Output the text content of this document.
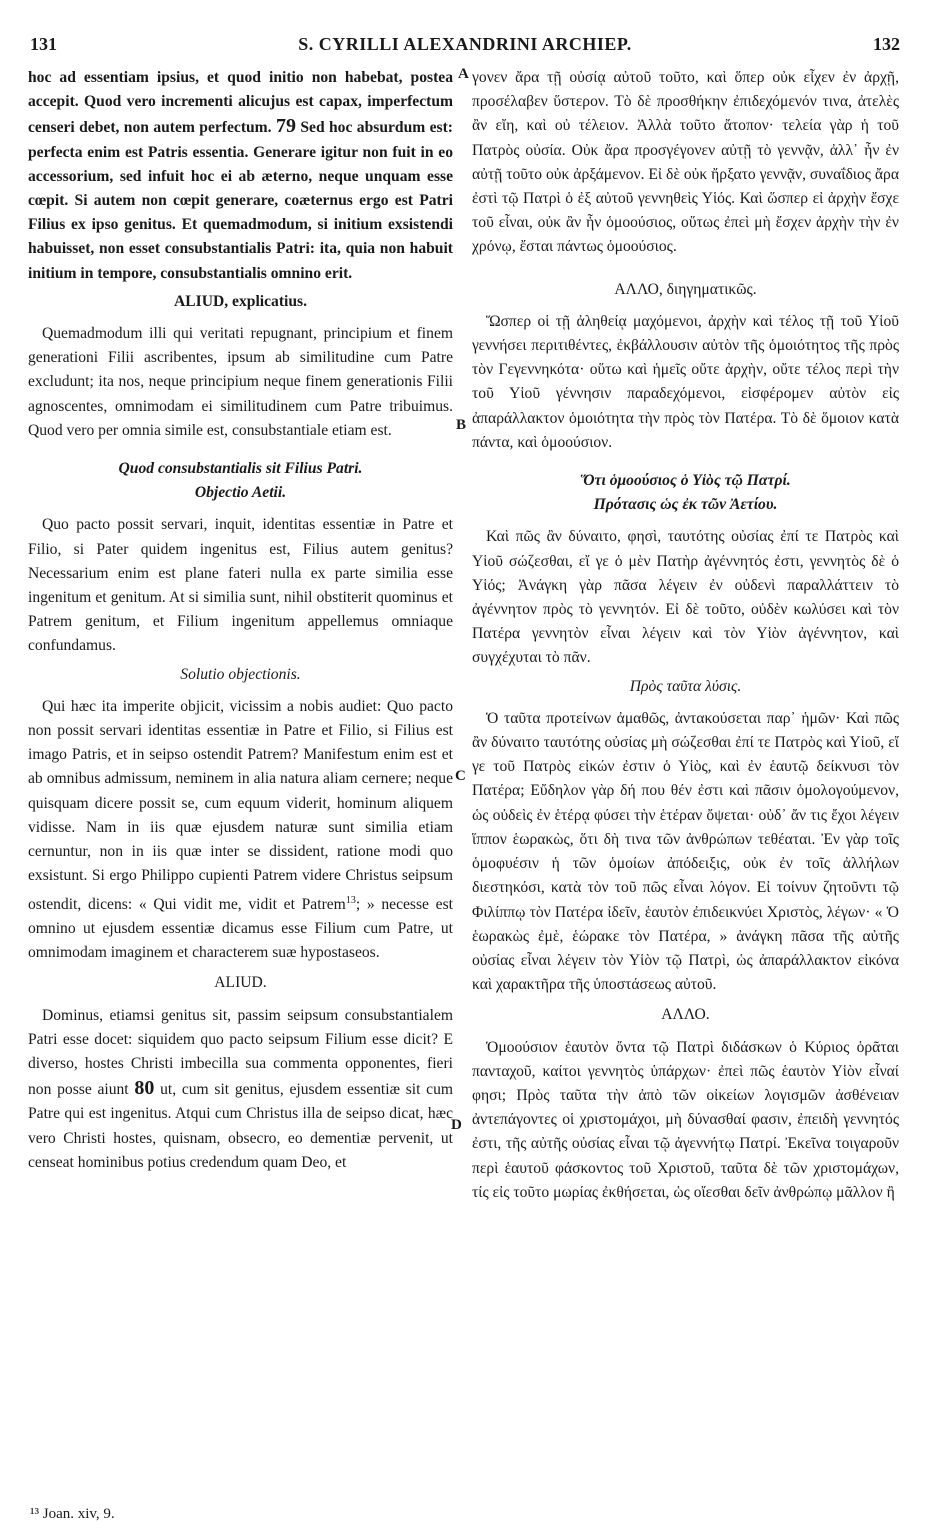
131	S. CYRILLI ALEXANDRINI ARCHIEP.	132
A
B
C
D

hoc ad essentiam ipsius, et quod initio non habebat, postea accepit. Quod vero incrementi alicujus est capax, imperfectum censeri debet, non autem perfectum. 79 Sed hoc absurdum est: perfecta enim est Patris essentia. Generare igitur non fuit in eo accessorium, sed infuit hoc ei ab æterno, neque unquam esse cœpit. Si autem non cœpit generare, coæternus ergo est Patri Filius ex ipso genitus. Et quemadmodum, si initium exsistendi habuisset, non esset consubstantialis Patri: ita, quia non habuit initium in tempore, consubstantialis omnino erit.

ALIUD, explicatius.

Quemadmodum illi qui veritati repugnant, principium et finem generationi Filii ascribentes, ipsum ab similitudine cum Patre excludunt; ita nos, neque principium neque finem generationis Filii agnoscentes, omnimodam ei similitudinem cum Patre tribuimus. Quod vero per omnia simile est, consubstantiale etiam est.

Quod consubstantialis sit Filius Patri.

Objectio Aetii.

Quo pacto possit servari, inquit, identitas essentiæ in Patre et Filio, si Pater quidem ingenitus est, Filius autem genitus? Necessarium enim est plane fateri nulla ex parte similia esse ingenitum et genitum. At si similia sunt, nihil obstiterit quominus et Patrem genitum, et Filium ingenitum appellemus omniaque confundamus.

Solutio objectionis.

Qui hæc ita imperite objicit, vicissim a nobis audiet: Quo pacto non possit servari identitas essentiæ in Patre et Filio, si Filius est imago Patris, et in seipso ostendit Patrem? Manifestum enim est et ab omnibus admissum, neminem in alia natura aliam cernere; neque quisquam dicere possit se, cum equum viderit, hominum aliquem vidisse. Nam in iis quæ ejusdem naturæ sunt similia etiam cernuntur, non in iis quæ inter se dissident, ratione modi quo exsistunt. Si ergo Philippo cupienti Patrem videre Christus seipsum ostendit, dicens: « Qui vidit me, vidit et Patrem$^{13}$; » necesse est omnino ut ejusdem essentiæ dicamus esse Filium cum Patre, ut omnimodam imaginem et characterem suæ hypostaseos.

ALIUD.

Dominus, etiamsi genitus sit, passim seipsum consubstantialem Patri esse docet: siquidem quo pacto seipsum Filium esse dicit? E diverso, hostes Christi imbecilla sua commenta opponentes, fieri non posse aiunt 80 ut, cum sit genitus, ejusdem essentiæ sit cum Patre qui est ingenitus. Atqui cum Christus illa de seipso dicat, hæc vero Christi hostes, quisnam, obsecro, eo dementiæ pervenit, ut censeat hominibus potius credendum quam Deo, et

γονεν ἄρα τῇ οὐσίᾳ αὐτοῦ τοῦτο, καὶ ὅπερ οὐκ εἶχεν ἐν ἀρχῇ, προσέλαβεν ὕστερον. Τὸ δὲ προσθήκην ἐπιδεχόμενόν τινα, ἀτελὲς ἂν εἴη, καὶ οὐ τέλειον. Ἀλλὰ τοῦτο ἄτοπον· τελεία γὰρ ἡ τοῦ Πατρὸς οὐσία. Οὐκ ἄρα προσγέγονεν αὐτῇ τὸ γεννᾷν, ἀλλ᾽ ἦν ἐν αὐτῇ τοῦτο οὐκ ἀρξάμενον. Εἰ δὲ οὐκ ἤρξατο γεννᾷν, συναΐδιος ἄρα ἐστὶ τῷ Πατρὶ ὁ ἐξ αὐτοῦ γεννηθεὶς Υἱός. Καὶ ὥσπερ εἰ ἀρχὴν ἔσχε τοῦ εἶναι, οὐκ ἂν ἦν ὁμοούσιος, οὕτως ἐπεὶ μὴ ἔσχεν ἀρχὴν τὴν ἐν χρόνῳ, ἔσται πάντως ὁμοούσιος.

ΑΛΛΟ, διηγηματικῶς.

Ὥσπερ οἱ τῇ ἀληθείᾳ μαχόμενοι, ἀρχὴν καὶ τέλος τῇ τοῦ Υἱοῦ γεννήσει περιτιθέντες, ἐκβάλλουσιν αὐτὸν τῆς ὁμοιότητος τῆς πρὸς τὸν Γεγεννηκότα· οὕτω καὶ ἡμεῖς οὔτε ἀρχὴν, οὔτε τέλος περὶ τὴν τοῦ Υἱοῦ γέννησιν παραδεχόμενοι, εἰσφέρομεν αὐτὸν εἰς ἀπαράλλακτον ὁμοιότητα τὴν πρὸς τὸν Πατέρα. Τὸ δὲ ὅμοιον κατὰ πάντα, καὶ ὁμοούσιον.

Ὅτι ὁμοούσιος ὁ Υἱὸς τῷ Πατρί.

Πρότασις ὡς ἐκ τῶν Ἀετίου.

Καὶ πῶς ἂν δύναιτο, φησὶ, ταυτότης οὐσίας ἐπί τε Πατρὸς καὶ Υἱοῦ σώζεσθαι, εἴ γε ὁ μὲν Πατὴρ ἀγέννητός ἐστι, γεννητὸς δὲ ὁ Υἱός; Ἀνάγκη γὰρ πᾶσα λέγειν ἐν οὐδενὶ παραλλάττειν τὸ ἀγέννητον πρὸς τὸ γεννητόν. Εἰ δὲ τοῦτο, οὐδὲν κωλύσει καὶ τὸν Πατέρα γεννητὸν εἶναι λέγειν καὶ τὸν Υἱὸν ἀγέννητον, καὶ συγχέχυται τὸ πᾶν.

Πρὸς ταῦτα λύσις.

Ὁ ταῦτα προτείνων ἀμαθῶς, ἀντακούσεται παρ᾽ ἡμῶν· Καὶ πῶς ἂν δύναιτο ταυτότης οὐσίας μὴ σώζεσθαι ἐπί τε Πατρὸς καὶ Υἱοῦ, εἴ γε τοῦ Πατρὸς εἰκών ἐστιν ὁ Υἱὸς, καὶ ἐν ἑαυτῷ δείκνυσι τὸν Πατέρα; Εὔδηλον γὰρ δή που θέν ἐστι καὶ πᾶσιν ὁμολογούμενον, ὡς οὐδεὶς ἐν ἑτέρᾳ φύσει τὴν ἑτέραν ὄψεται· οὐδ᾽ ἄν τις ἔχοι λέγειν ἵππον ἑωρακὼς, ὅτι δὴ τινα τῶν ἀνθρώπων τεθέαται. Ἐν γὰρ τοῖς ὁμοφυέσιν ἡ τῶν ὁμοίων ἀπόδειξις, οὐκ ἐν τοῖς ἀλλήλων διεστηκόσι, κατὰ τὸν τοῦ πῶς εἶναι λόγον. Εἰ τοίνυν ζητοῦντι τῷ Φιλίππῳ τὸν Πατέρα ἰδεῖν, ἑαυτὸν ἐπιδεικνύει Χριστὸς, λέγων· « Ὁ ἑωρακὼς ἐμὲ, ἑώρακε τὸν Πατέρα, » ἀνάγκη πᾶσα τῆς αὐτῆς οὐσίας εἶναι λέγειν τὸν Υἱὸν τῷ Πατρὶ, ὡς ἀπαράλλακτον εἰκόνα καὶ χαρακτῆρα τῆς ὑποστάσεως αὐτοῦ.

ΑΛΛΟ.

Ὁμοούσιον ἑαυτὸν ὄντα τῷ Πατρὶ διδάσκων ὁ Κύριος ὁρᾶται πανταχοῦ, καίτοι γεννητὸς ὑπάρχων· ἐπεὶ πῶς ἑαυτὸν Υἱὸν εἶναί φησι; Πρὸς ταῦτα τὴν ἀπὸ τῶν οἰκείων λογισμῶν ἀσθένειαν ἀντεπάγοντες οἱ χριστομάχοι, μὴ δύνασθαί φασιν, ἐπειδὴ γεννητός ἐστι, τῆς αὐτῆς οὐσίας εἶναι τῷ ἀγεννήτῳ Πατρί. Ἐκεῖνα τοιγαροῦν περὶ ἑαυτοῦ φάσκοντος τοῦ Χριστοῦ, ταῦτα δὲ τῶν χριστομάχων, τίς εἰς τοῦτο μωρίας ἐκθήσεται, ὡς οἴεσθαι δεῖν ἀνθρώπῳ μᾶλλον ἢ

¹³ Joan. xiv, 9.
